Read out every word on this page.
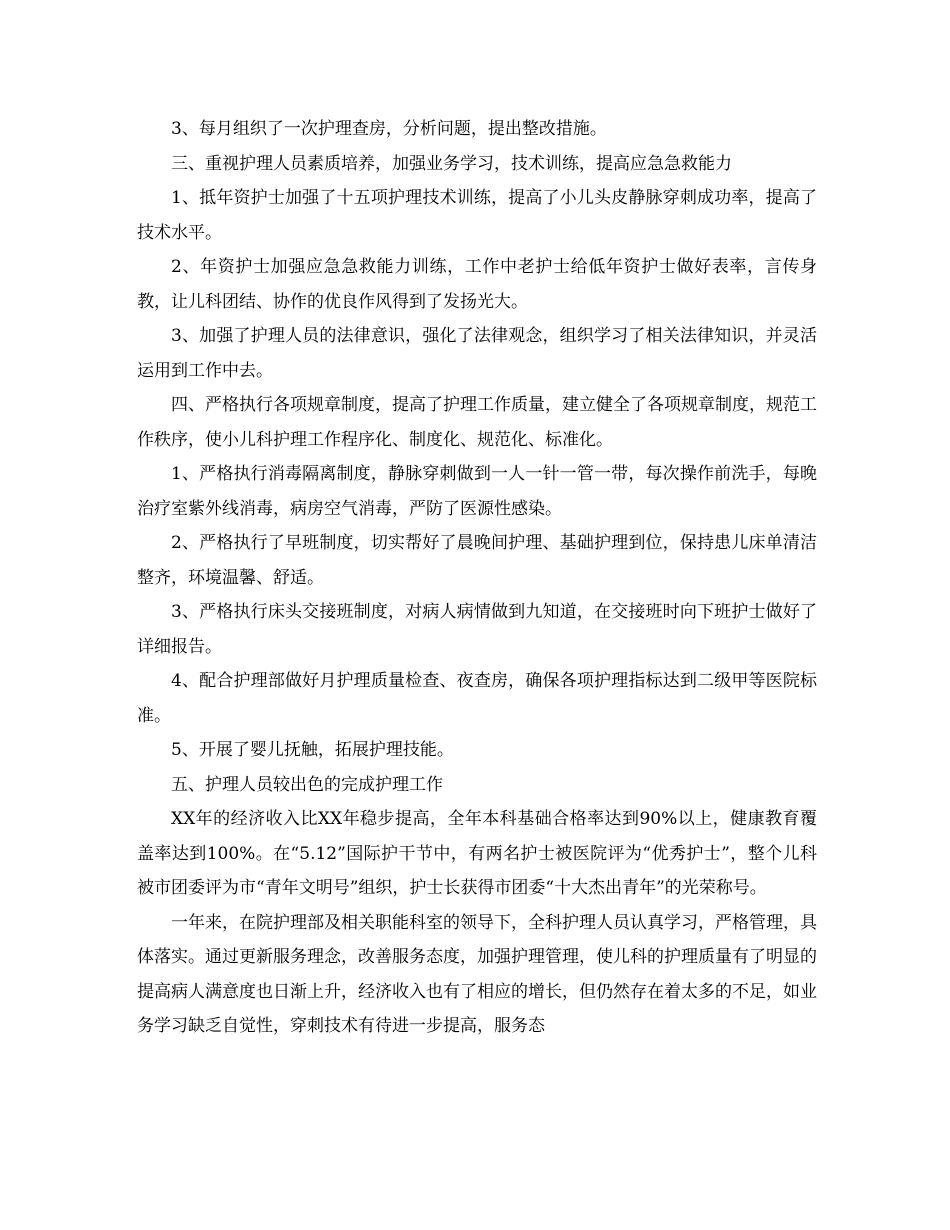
3、每月组织了一次护理查房，分析问题，提出整改措施。

三、重视护理人员素质培养，加强业务学习，技术训练，提高应急急救能力

1、抵年资护士加强了十五项护理技术训练，提高了小儿头皮静脉穿刺成功率，提高了技术水平。

2、年资护士加强应急急救能力训练，工作中老护士给低年资护士做好表率，言传身教，让儿科团结、协作的优良作风得到了发扬光大。

3、加强了护理人员的法律意识，强化了法律观念，组织学习了相关法律知识，并灵活运用到工作中去。

四、严格执行各项规章制度，提高了护理工作质量，建立健全了各项规章制度，规范工作秩序，使小儿科护理工作程序化、制度化、规范化、标准化。

1、严格执行消毒隔离制度，静脉穿刺做到一人一针一管一带，每次操作前洗手，每晚治疗室紫外线消毒，病房空气消毒，严防了医源性感染。

2、严格执行了早班制度，切实帮好了晨晚间护理、基础护理到位，保持患儿床单清洁整齐，环境温馨、舒适。

3、严格执行床头交接班制度，对病人病情做到九知道，在交接班时向下班护士做好了详细报告。

4、配合护理部做好月护理质量检查、夜查房，确保各项护理指标达到二级甲等医院标准。

5、开展了婴儿抚触，拓展护理技能。

五、护理人员较出色的完成护理工作

XX年的经济收入比XX年稳步提高，全年本科基础合格率达到90%以上，健康教育覆盖率达到100%。在“5.12”国际护干节中，有两名护士被医院评为“优秀护士”，整个儿科被市团委评为市“青年文明号”组织，护士长获得市团委“十大杰出青年”的光荣称号。

一年来，在院护理部及相关职能科室的领导下，全科护理人员认真学习，严格管理，具体落实。通过更新服务理念，改善服务态度，加强护理管理，使儿科的护理质量有了明显的提高病人满意度也日渐上升，经济收入也有了相应的增长，但仍然存在着太多的不足，如业务学习缺乏自觉性，穿刺技术有待进一步提高，服务态
